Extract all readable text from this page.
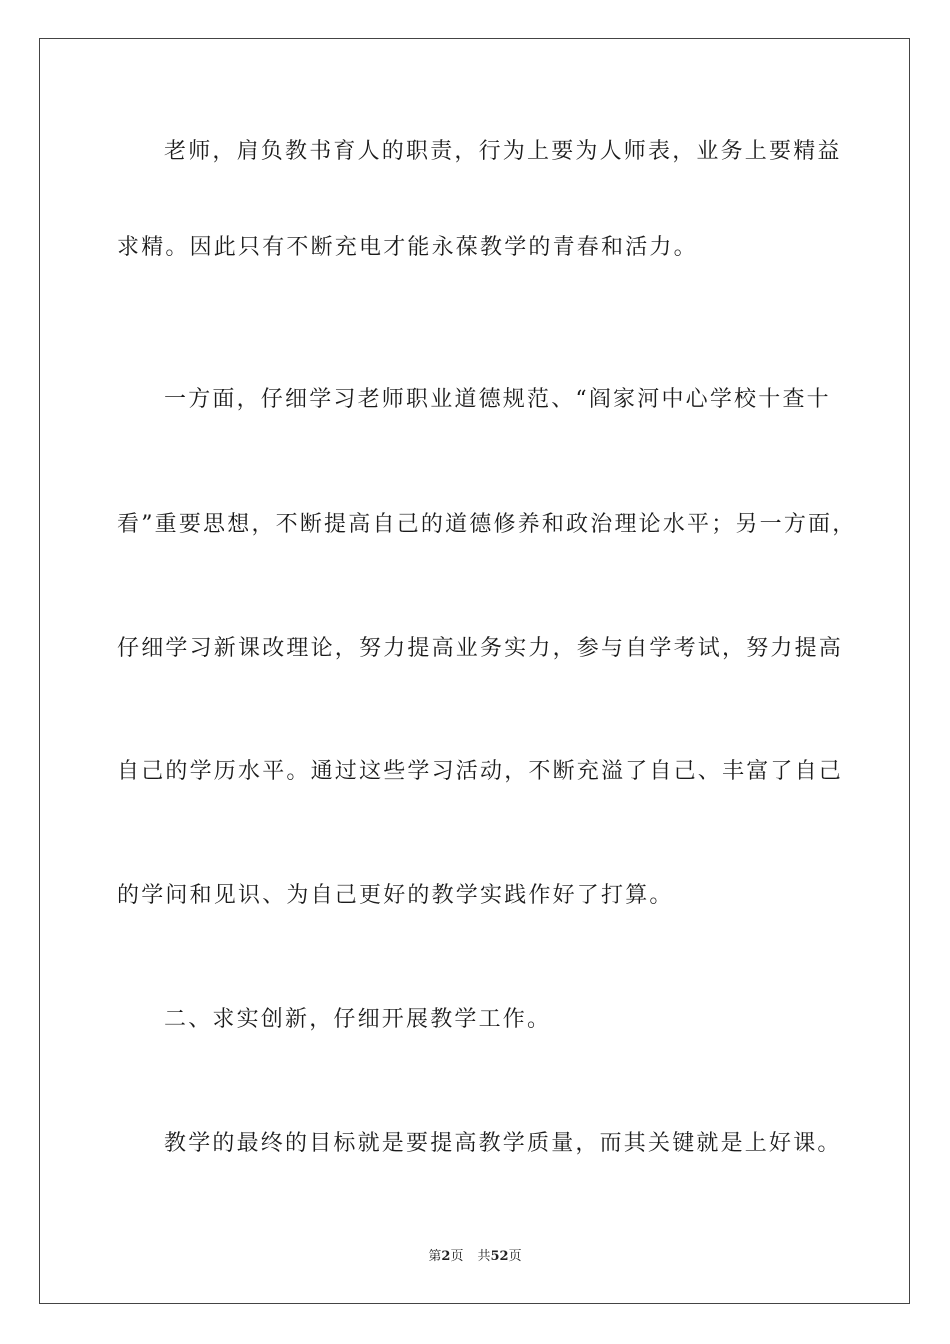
老师，肩负教书育人的职责，行为上要为人师表，业务上要精益
求精。因此只有不断充电才能永葆教学的青春和活力。
一方面，仔细学习老师职业道德规范、“阎家河中心学校十查十
看”重要思想，不断提高自己的道德修养和政治理论水平；另一方面，
仔细学习新课改理论，努力提高业务实力，参与自学考试，努力提高
自己的学历水平。通过这些学习活动，不断充溢了自己、丰富了自己
的学问和见识、为自己更好的教学实践作好了打算。
二、求实创新，仔细开展教学工作。
教学的最终的目标就是要提高教学质量，而其关键就是上好课。
第2页 共52页
